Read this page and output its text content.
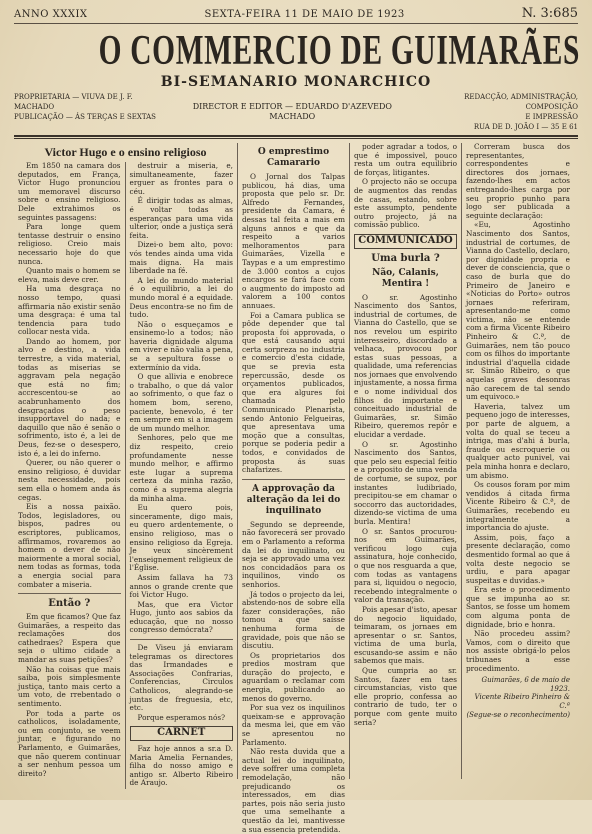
ANNO XXXIX	SEXTA-FEIRA 11 DE MAIO DE 1923	N. 3:685
O COMMERCIO DE GUIMARÃES
BI-SEMANARIO MONARCHICO
PROPRIETARIA — VIUVA DE J. F. MACHADO
PUBLICAÇÃO — ÁS TERÇAS E SEXTAS
DIRECTOR E EDITOR — EDUARDO D'AZEVEDO MACHADO
REDACÇÃO, ADMINISTRAÇÃO, COMPOSIÇÃO
E IMPRESSÃO
RUA DE D. JOÃO I — 35 E 61
Victor Hugo e o ensino religioso

Em 1850 na camara dos deputados, em França, Victor Hugo pronunciou um memoravel discurso sobre o ensino religioso. Dele extrahimos os seguintes passagens:

Para longe quem tentasse destruir o ensino religioso. Creio mais necessario hoje do que nunca.

Quanto mais o homem se eleva, mais deve crer.

Ha uma desgraça no nosso tempo, quasi affirmaria não existir senão uma desgraça: é uma tal tendencia para tudo collocar nesta vida.

Dando ao homem, por alvo e destino, a vida terrestre, a vida material, todas as miserias se aggravam pela negação que está no fim; accrescentou-se ao acabrunhamento dos desgraçados o peso insupportavel do nada; e daquillo que não é senão o sofrimento, isto é, a lei de Deus, fez-se o desespero, isto é, a lei do inferno.

Querer, ou não querer o ensino religioso, é duvidar nesta necessidade, pois sem ella o homem anda ás cegas.

Eis a nossa paixão. Todos, legisladores, ou bispos, padres ou escriptores, publicamos, affirmamos, rovaremos ao homem o dever de não maiormente a moral social, nem todas as formas, toda a energia social para combater a miseria.

Então ?

Em que ficamos? Que faz Guimarães, a respeito das reclamações dos cathedraes? Espera que seja o ultimo cidade a mandar as suas petições?

Não ha coisas que mais saiba, pois simplesmente justiça, tanto mais certo a um voto, de rrebentado o sentimento.

Por toda a parte os catholicos, isoladamente, ou em conjunto, se veem juntar, e figurando no Parlamento, e Guimarães, que não querem continuar a ser nenhum pessoa um direito?

destruir a miseria, e, simultaneamente, fazer erguer as frontes para o céu.

É dirigir todas as almas, é voltar todas as esperanças para uma vida ulterior, onde a justiça será feita.

Dizei-o bem alto, povo: vós tendes ainda uma vida mais digna. Ha mais liberdade na fé.

A lei do mundo material é o equilibrio, a lei do mundo moral é a equidade. Deus encontra-se no fim de tudo.

Não o esqueçamos e ensinemo-lo a todos; não haveria dignidade alguma em viver e não valia a pena, se a sepultura fosse o extermínio da vida.

O que allivia e enobrece o trabalho, o que dá valor ao sofrimento, o que faz o homem bom, sereno, paciente, benevolo, é ter em sempre em si a imagem de um mundo melhor.

Senhores, pelo que me diz respeito, creio profundamente nesse mundo melhor, e affirmo este lugar a suprema certeza da minha razão, como é a suprema alegria da minha alma.

Eu quero pois, sinceramente, digo mais, eu quero ardentemente, o ensino religioso, mas o ensino religioso da Egreja. Je veux sincèrement l'enseignement religieux de l'Église.

Assim fallava ha 73 annos o grande crente que foi Victor Hugo.

Mas, que era Victor Hugo, junto aos sabios da educação, que no nosso congresso demócrata?

De Viseu já enviaram telegramas os directores das Irmandades e Associações Confrarias, Conferencias, Circulos Catholicos, alegrando-se juntas de freguesia, etc, etc.

Porque esperamos nós?

CARNET

Faz hoje annos a sr.a D. Maria Amelia Fernandes, filha do nosso amigo e antigo sr. Alberto Ribeiro de Araujo.

O emprestimo Camarario

O Jornal dos Talpas publicou, há dias, uma proposta que pelo sr. Dr. Alfredo Fernandes, presidente da Camara, é dessas tal feita a mais em alguns annos e que da respeito a varios melhoramentos para Guimarães, Vizella e Taypas e a um emprestimo de 3.000 contos a cujos encargos se fará face com o augmento do imposto ad valorem a 100 contos annuaes.

Foi a Camara publica se pôde depender que tal proposta foi approvada, o que está causando aqui certa sorpreza no industria e comercio d'esta cidade, que se previa esta repercussão, desde os orçamentos publicados, que era algures foi chamada pelo Communicado Plenarista, sendo Antonio Felgueiras, que apresentava uma moção que a consultas, porque se poderia pedir a todos, e convidados de proposta ás suas chafarizes.

A approvação da alteração da lei do inquilinato

Segundo se depreende, não favorecerá ser provado em o Parlamento a reforma da lei do inquilinato, ou seja se approvado uma vez nos concidadãos para os inquilinos, vindo os senhorios.

Já todos o projecto da lei, abstendo-nos de sobre ella fazer considerações, não tomou a que saísse nenhuma forma de gravidade, pois que não se discutiu.

Os proprietarios dos predios mostram que duração do projecto, e aguardam o reclamar com energia, publicando ao menos do governo.

Por sua vez os inquilinos queixam-se e approvação da mesma lei, que em vão se apresentou no Parlamento.

Não resta duvida que a actual lei do inquilinato, deve soffrer uma completa remodelação, não prejudicando os interessados, em dias partes, pois não seria justo que uma semelhante a questão da lei, mantivesse a sua essencia pretendida.

poder agradar a todos, o que é impossivel, pouco resta um outra equilibrio de forças, litigantes.

O projecto não se occupa de augmentos das rendas de casas, estando, sobre este assumpto, pendente outro projecto, já na comissão publico.

COMMUNICADO
Uma burla ?
Não, Calanis, Mentira !

O sr. Agostinho Nascimento dos Santos, industrial de cortumes, de Vianna do Castello, que se nos revelou um espirito interesseiro, discordado a velhaca, provocou por estas suas pessoas, a qualidade, uma referencias nos jornaes que envolvendo injustamente, a nossa firma e o nome individual dos filhos do importante e conceituado industrial de Guimarães, sr. Simão Ribeiro, queremos repôr e elucidar a verdade.

O sr. Agostinho Nascimento dos Santos, que pelo seu especial feitio e a proposito de uma venda de cortume, se supoz, por instantes ludibriado, precipitou-se em chamar o soccorro das auctoridades, dizendo-se victima de uma burla. Mentira!

O sr. Santos procurou-nos em Guimarães, verificou logo cuja assinatura, hoje conhecido, o que nos resguarda a que, com todas as vantagens para si, liquidou o negocio, recebendo integralmente o valor da transação.

Pois apesar d'isto, apesar do negocio liquidado, teimaram, os jornaes em apresentar o sr. Santos, victima de uma burla, escusando-se assim e não sabemos que mais.

Que cumpria ao sr. Santos, fazer em taes circumstancias, visto que elle proprio, confessa ao contrario de tudo, ter o porque com gente muito seria?

Correram busca dos representantes, correspondentes e directores dos jornaes, fazendo-lhes em actos entregando-lhes carga por seu proprio punho para logo ser publicada a seguinte declaração:

«Eu, Agostinho Nascimento dos Santos, industrial de cortumes, de Vianna do Castello, declaro, por dignidade propria e dever de consciencia, que o caso de burla que do Primeiro de Janeiro e «Noticias do Porto» outros jornaes referiram, apresentando-me como victima, não se entende com a firma Vicente Ribeiro Pinheiro & C.ª, de Guimarães, nem tão pouco com os filhos do importante industrial d'aquella cidade sr. Simão Ribeiro, o que aquelas graves desonras não carecem de tal sendo um equivoco.»

Haveria, talvez um pequeno jogo de interesses, por parte de alguem, a volta do qual se teceu a intriga, mas d'ahi á burla, fraude ou escroquerie ou qualquer acto punivel, vai pela minha honra e declaro, um abismo.

Os cousos foram por mim vendidos á citada firma Vicente Ribeiro & C.ª, de Guimarães, recebendo eu integralmente a importancia do ajuste.

Assim, pois, faço a presente declaração, como desmentido formal ao que á volta deste negocio se urdiu, e para apagar suspeitas e duvidas.»

Era este o procedimento que se impunha ao sr. Santos, se fosse um homem com alguma ponta de dignidade, brio e honra.

Não procedeu assim? Vamos, com o direito que nos assiste obrigá-lo pelos tribunaes a esse procedimento.

Guimarães, 6 de maio de 1923.
Vicente Ribeiro Pinheiro & C.ª
(Segue-se o reconhecimento)
